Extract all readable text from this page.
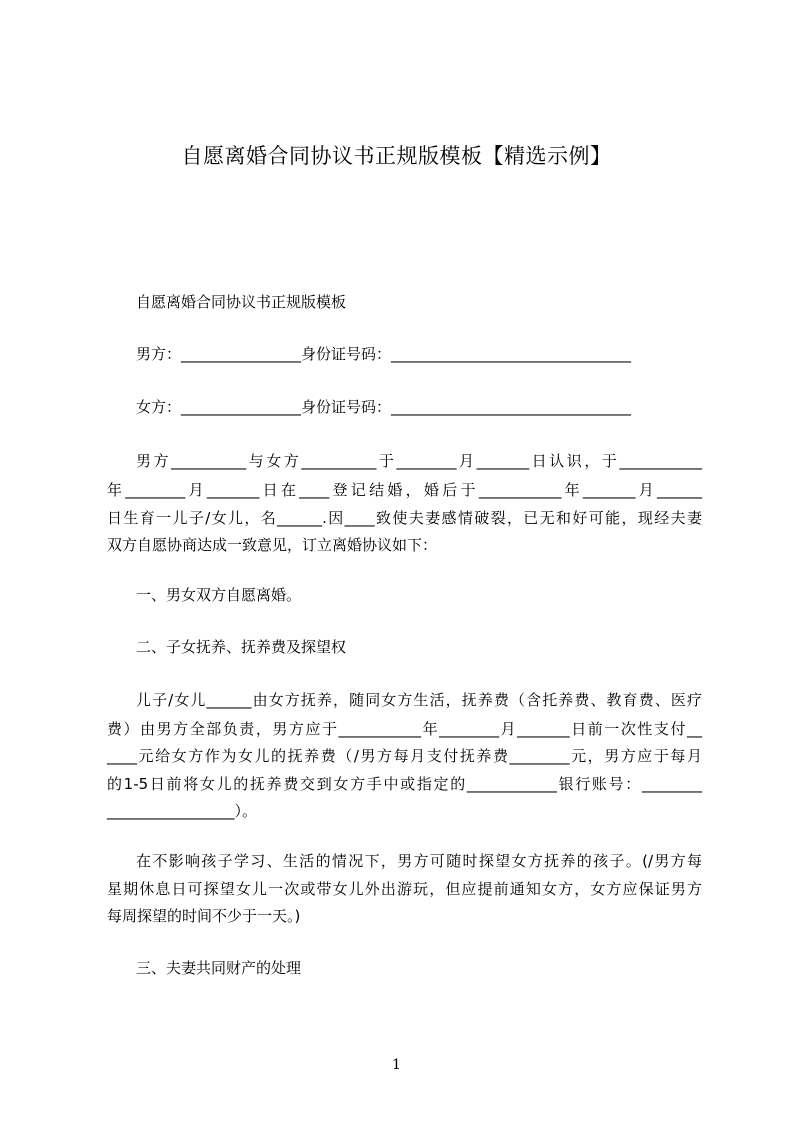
自愿离婚合同协议书正规版模板【精选示例】
自愿离婚合同协议书正规版模板
男方：________________身份证号码：________________________________
女方：________________身份证号码：________________________________
男方__________与女方__________于________月_______日认识，于___________
年________月_______日在____登记结婚，婚后于___________年_______月______
日生育一儿子/女儿，名______.因____致使夫妻感情破裂，已无和好可能，现经夫妻
双方自愿协商达成一致意见，订立离婚协议如下：
一、男女双方自愿离婚。
二、子女抚养、抚养费及探望权
儿子/女儿______由女方抚养，随同女方生活，抚养费（含托养费、教育费、医疗
费）由男方全部负责，男方应于___________年________月_______日前一次性支付__
____元给女方作为女儿的抚养费（/男方每月支付抚养费________元，男方应于每月
的1-5日前将女儿的抚养费交到女方手中或指定的____________银行账号：________
_________________）。
在不影响孩子学习、生活的情况下，男方可随时探望女方抚养的孩子。(/男方每
星期休息日可探望女儿一次或带女儿外出游玩，但应提前通知女方，女方应保证男方
每周探望的时间不少于一天。)
三、夫妻共同财产的处理
1
